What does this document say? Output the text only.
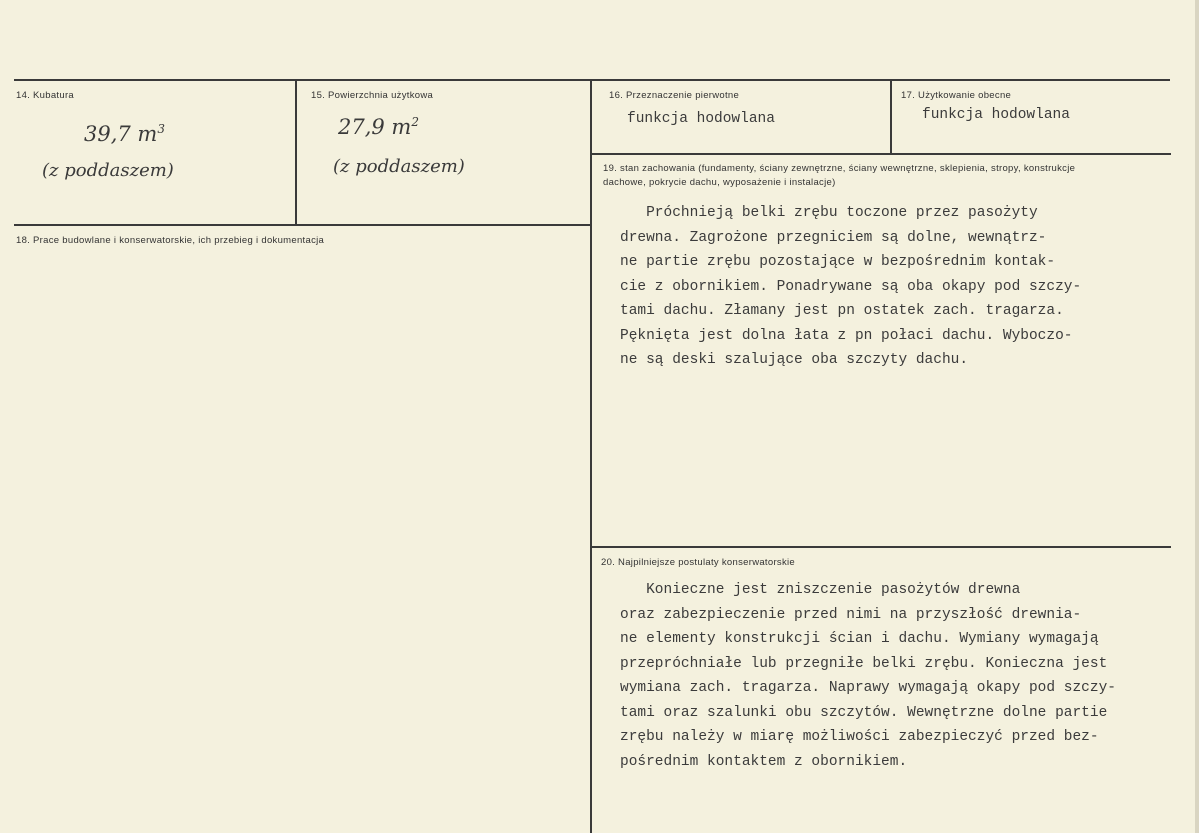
14. Kubatura
39,7 $m^3$
(z poddaszem)
15. Powierzchnia użytkowa
27,9 $m^2$
(z poddaszem)
16. Przeznaczenie pierwotne
funkcja hodowlana
17. Użytkowanie obecne
funkcja hodowlana
18. Prace budowlane i konserwatorskie, ich przebieg i dokumentacja
19. stan zachowania (fundamenty, ściany zewnętrzne, ściany wewnętrzne, sklepienia, stropy, konstrukcje dachowe, pokrycie dachu, wyposażenie i instalacje)
Próchnieją belki zrębu toczone przez pasożyty
drewna. Zagrożone przegniciem są dolne, wewnątrz-
ne partie zrębu pozostające w bezpośrednim kontak-
cie z obornikiem. Ponadrywane są oba okapy pod szczy-
tami dachu. Złamany jest pn ostatek zach. tragarza.
Pęknięta jest dolna łata z pn połaci dachu. Wyboczo-
ne są deski szalujące oba szczyty dachu.
20. Najpilniejsze postulaty konserwatorskie
Konieczne jest zniszczenie pasożytów drewna
oraz zabezpieczenie przed nimi na przyszłość drewnia-
ne elementy konstrukcji ścian i dachu. Wymiany wymagają
przepróchniałe lub przegniłe belki zrębu. Konieczna jest
wymiana zach. tragarza. Naprawy wymagają okapy pod szczy-
tami oraz szalunki obu szczytów. Wewnętrzne dolne partie
zrębu należy w miarę możliwości zabezpieczyć przed bez-
pośrednim kontaktem z obornikiem.
